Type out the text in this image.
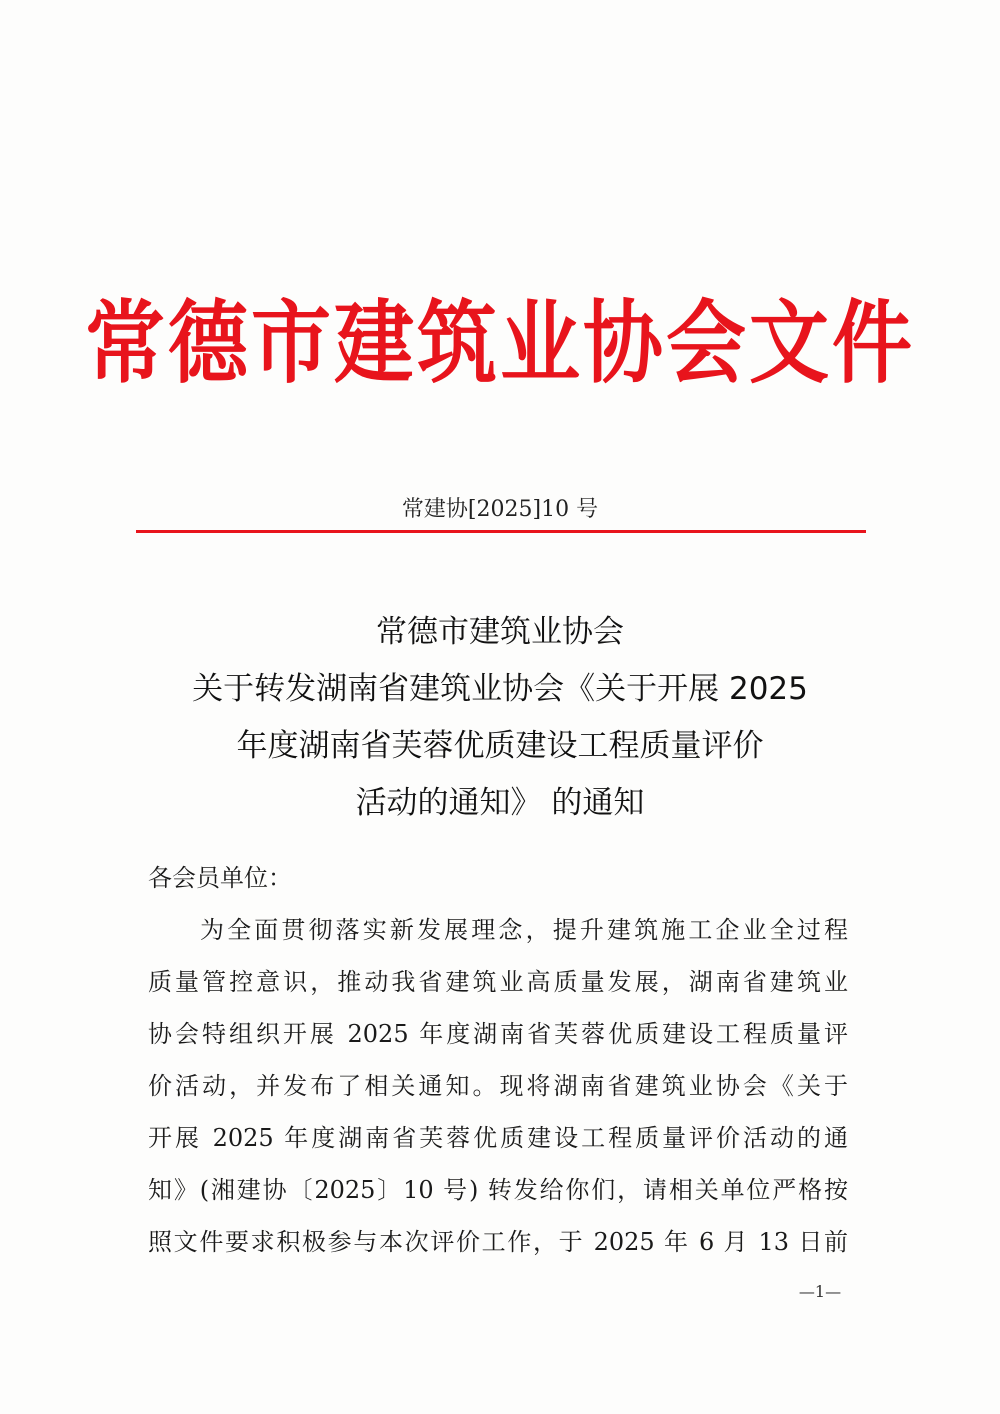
常德市建筑业协会文件
常建协[2025]10 号
常德市建筑业协会
关于转发湖南省建筑业协会《关于开展 2025
年度湖南省芙蓉优质建设工程质量评价
活动的通知》 的通知
各会员单位：
为全面贯彻落实新发展理念，提升建筑施工企业全过程
质量管控意识，推动我省建筑业高质量发展，湖南省建筑业
协会特组织开展 2025 年度湖南省芙蓉优质建设工程质量评
价活动，并发布了相关通知。现将湖南省建筑业协会《关于
开展 2025 年度湖南省芙蓉优质建设工程质量评价活动的通
知》(湘建协〔2025〕10 号) 转发给你们，请相关单位严格按
照文件要求积极参与本次评价工作，于 2025 年 6 月 13 日前
—1—
